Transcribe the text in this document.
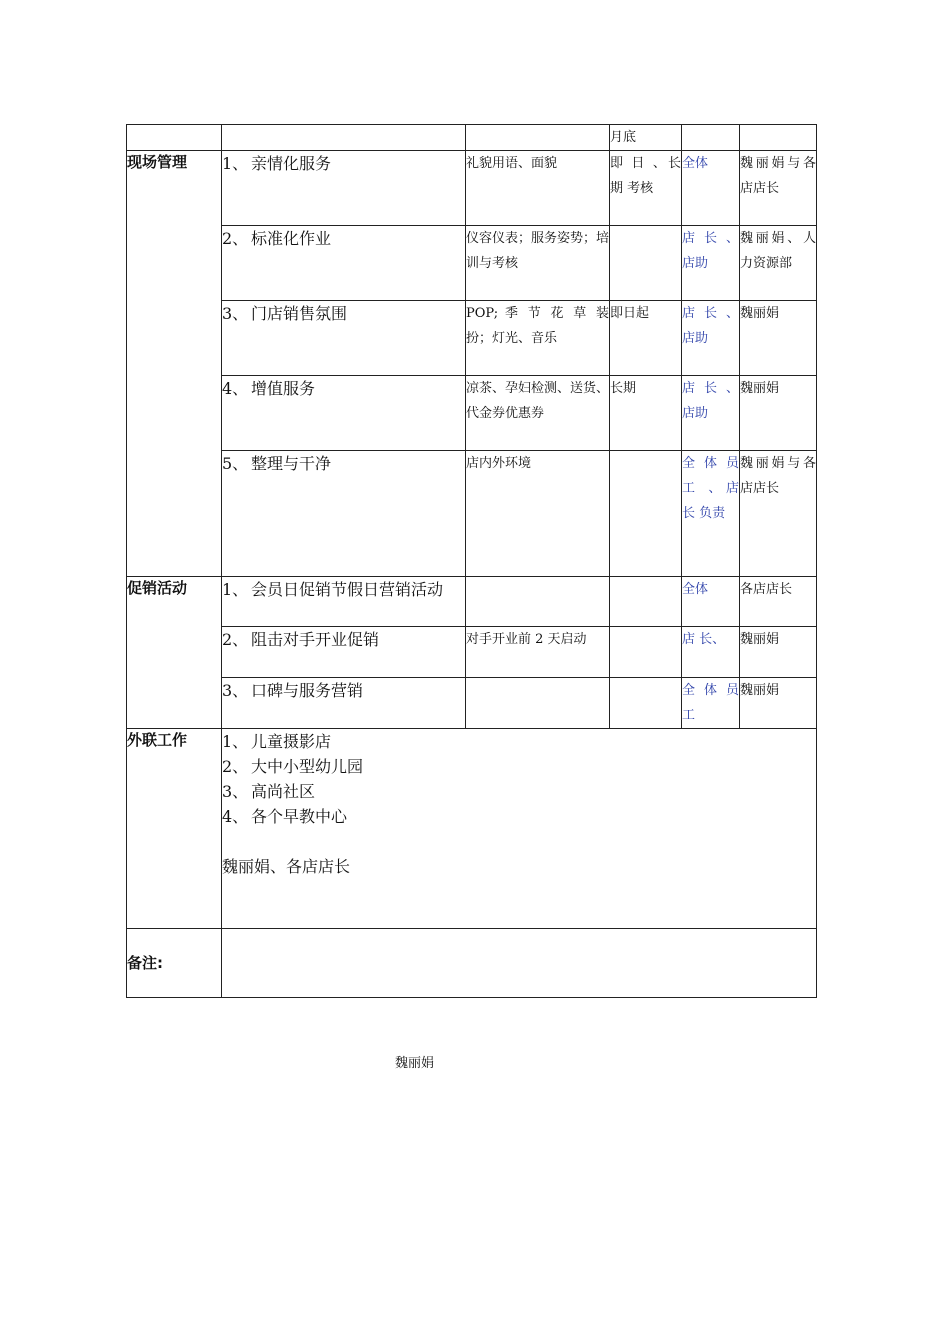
			月底		
现场管理	1、 亲情化服务	礼貌用语、面貌	即 日 、长 期 考核	全体	魏丽娟与各店店长
	2、 标准化作业	仪容仪表；服务姿势；培训与考核		店 长 、店助	魏丽娟、人力资源部
	3、 门店销售氛围	POP; 季 节 花 草 装扮；灯光、音乐	即日起	店 长 、店助	魏丽娟
	4、 增值服务	凉茶、孕妇检测、送货、代金券优惠券	长期	店 长 、店助	魏丽娟
	5、 整理与干净	店内外环境		全 体 员 工 、店 长 负责	魏丽娟与各店店长
促销活动	1、 会员日促销节假日营销活动			全体	各店店长
	2、 阻击对手开业促销	对手开业前 2 天启动		店 长、	魏丽娟
	3、 口碑与服务营销			全 体 员工	魏丽娟
外联工作	1、 儿童摄影店
2、 大中小型幼儿园
3、 高尚社区
4、 各个早教中心
魏丽娟、各店店长				

备注:					
魏丽娟
